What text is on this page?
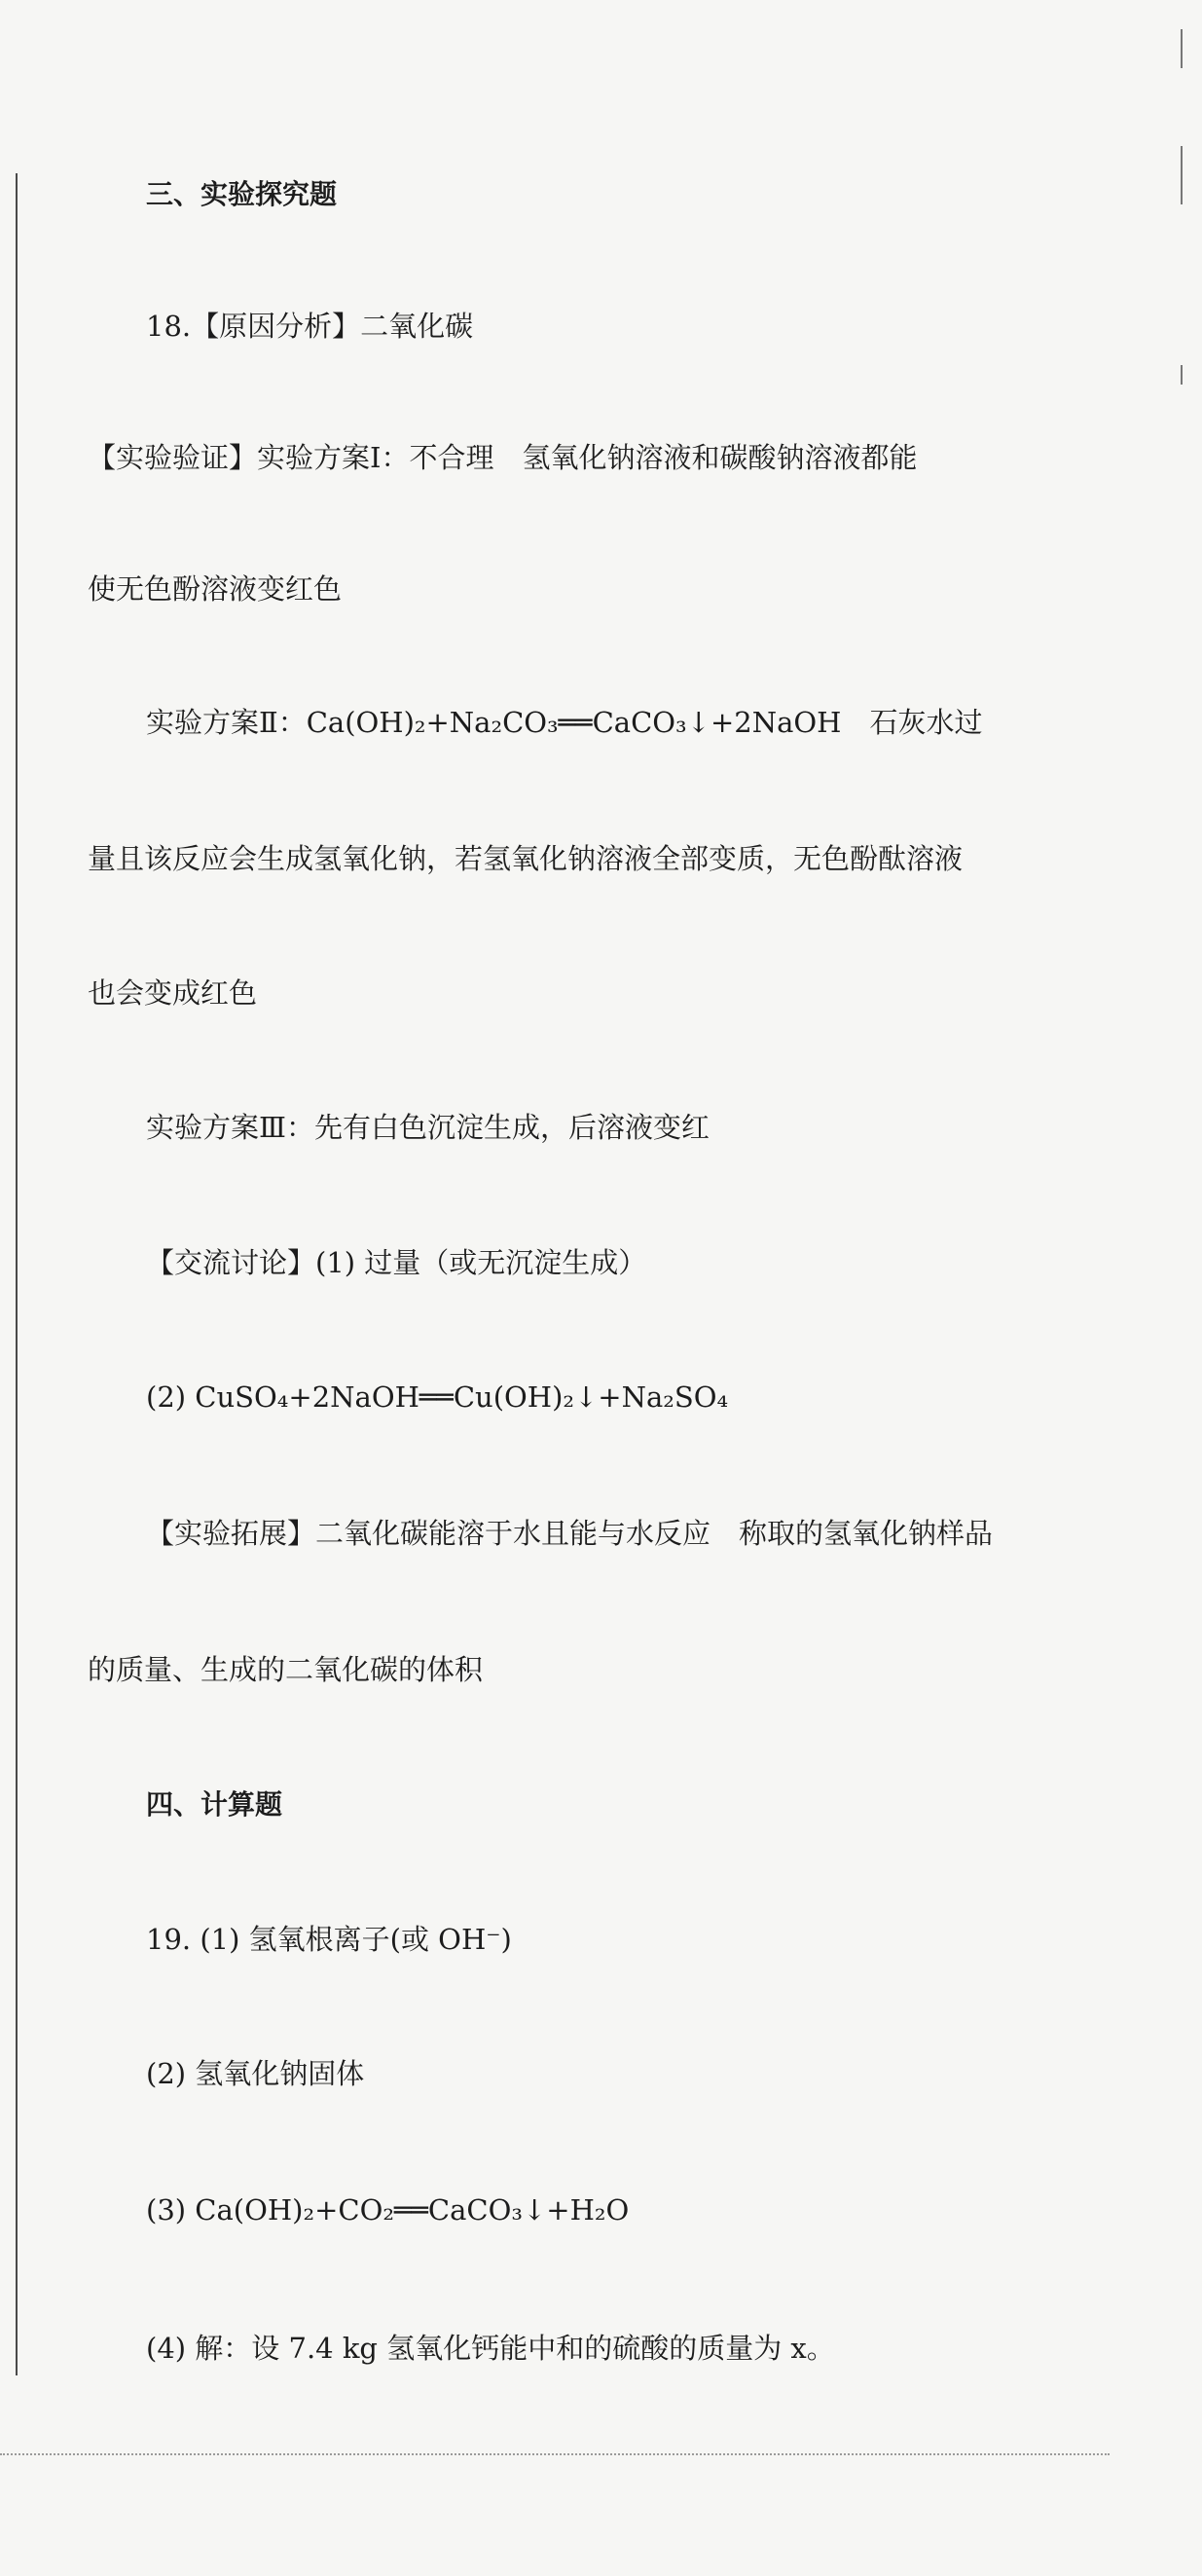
三、实验探究题
18.【原因分析】二氧化碳
【实验验证】实验方案Ⅰ：不合理　氢氧化钠溶液和碳酸钠溶液都能
使无色酚溶液变红色
实验方案Ⅱ：Ca(OH)₂+Na₂CO₃══CaCO₃↓+2NaOH　石灰水过
量且该反应会生成氢氧化钠，若氢氧化钠溶液全部变质，无色酚酞溶液
也会变成红色
实验方案Ⅲ：先有白色沉淀生成，后溶液变红
【交流讨论】(1) 过量（或无沉淀生成）
(2) CuSO₄+2NaOH══Cu(OH)₂↓+Na₂SO₄
【实验拓展】二氧化碳能溶于水且能与水反应　称取的氢氧化钠样品
的质量、生成的二氧化碳的体积
四、计算题
19. (1) 氢氧根离子(或 OH⁻)
(2) 氢氧化钠固体
(3) Ca(OH)₂+CO₂══CaCO₃↓+H₂O
(4) 解：设 7.4 kg 氢氧化钙能中和的硫酸的质量为 x。
